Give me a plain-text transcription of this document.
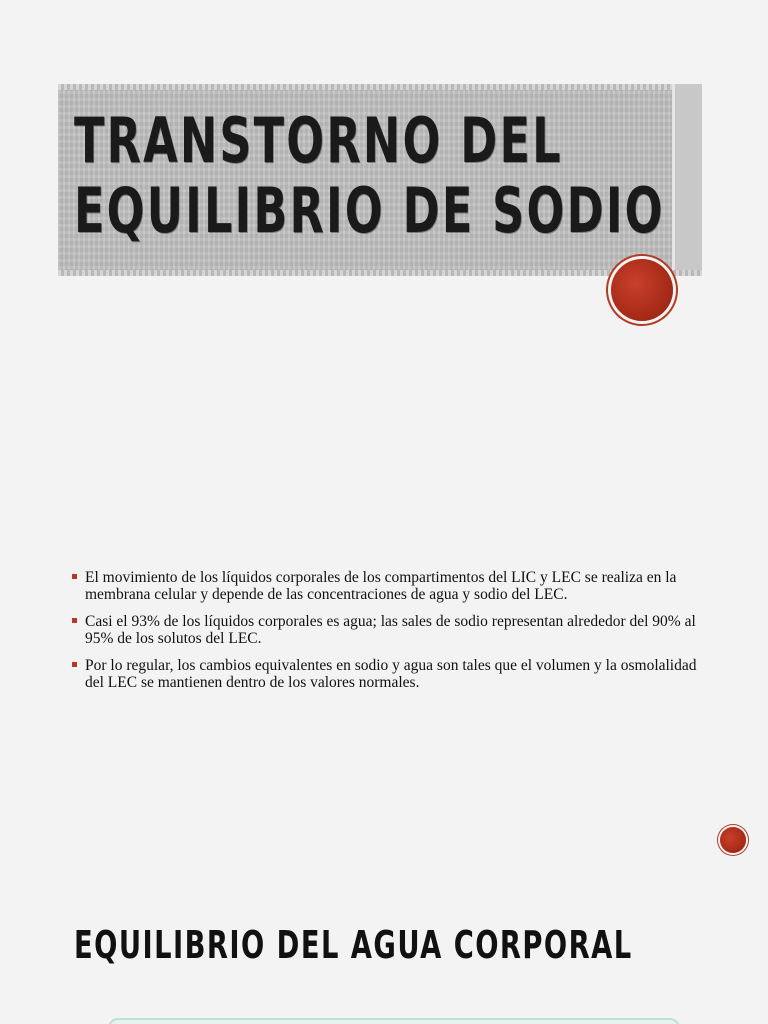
TRANSTORNO DEL
EQUILIBRIO DE SODIO
El movimiento de los líquidos corporales de los compartimentos del LIC y LEC se realiza en la membrana celular y depende de las concentraciones de agua y sodio del LEC.
Casi el 93% de los líquidos corporales es agua; las sales de sodio representan alrededor del 90% al 95% de los solutos del LEC.
Por lo regular, los cambios equivalentes en sodio y agua son tales que el volumen y la osmolalidad del LEC se mantienen dentro de los valores normales.
EQUILIBRIO DEL AGUA CORPORAL
